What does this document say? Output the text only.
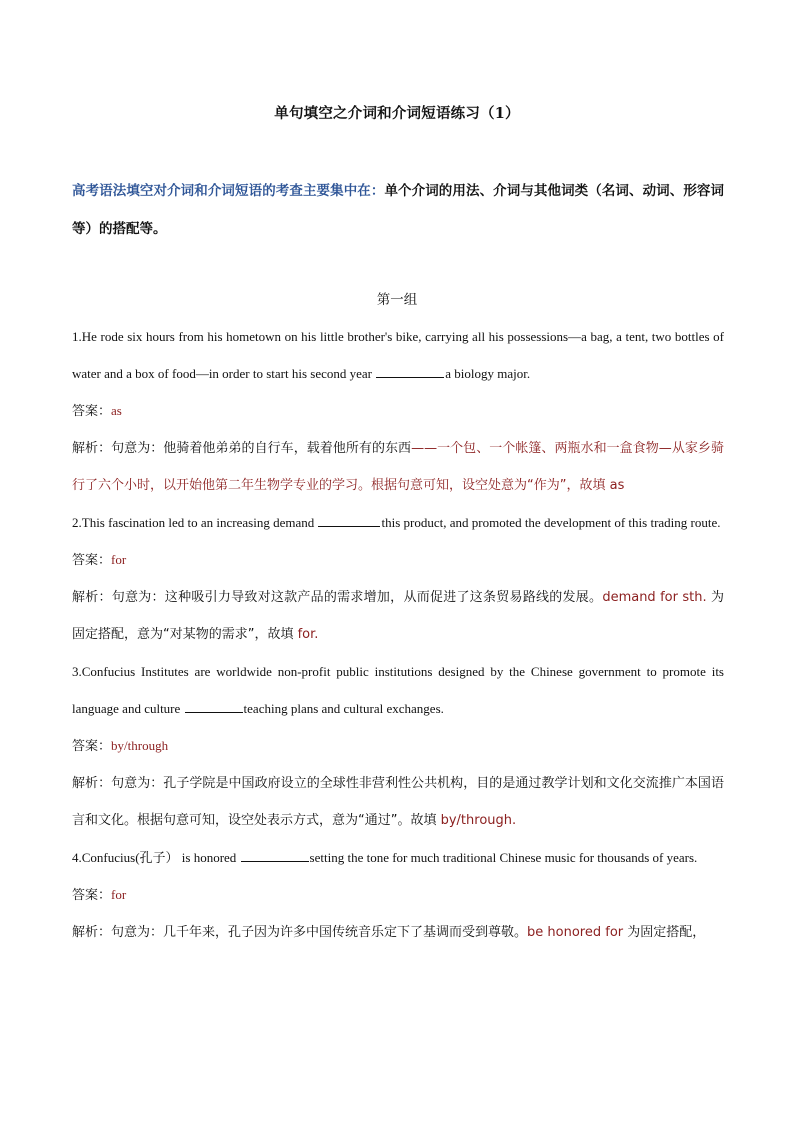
单句填空之介词和介词短语练习（1）
高考语法填空对介词和介词短语的考查主要集中在：单个介词的用法、介词与其他词类（名词、动词、形容词等）的搭配等。
第一组

1.He rode six hours from his hometown on his little brother's bike, carrying all his possessions—a bag, a tent, two bottles of water and a box of food—in order to start his second year	a biology major.

答案：as

解析：句意为：他骑着他弟弟的自行车，载着他所有的东西——一个包、一个帐篷、两瓶水和一盒食物—从家乡骑行了六个小时，以开始他第二年生物学专业的学习。根据句意可知，设空处意为“作为”，故填 as

2.This fascination led to an increasing demand	this product, and promoted the development of this trading route.

答案：for

解析：句意为：这种吸引力导致对这款产品的需求增加，从而促进了这条贸易路线的发展。demand for sth. 为固定搭配，意为“对某物的需求”，故填 for.

3.Confucius Institutes are worldwide non-profit public institutions designed by the Chinese government to promote its language and culture	teaching plans and cultural exchanges.

答案：by/through

解析：句意为：孔子学院是中国政府设立的全球性非营利性公共机构，目的是通过教学计划和文化交流推广本国语言和文化。根据句意可知，设空处表示方式，意为“通过”。故填 by/through.

4.Confucius(孔子） is honored	setting the tone for much traditional Chinese music for thousands of years.

答案：for

解析：句意为：几千年来，孔子因为许多中国传统音乐定下了基调而受到尊敬。be honored for 为固定搭配，
